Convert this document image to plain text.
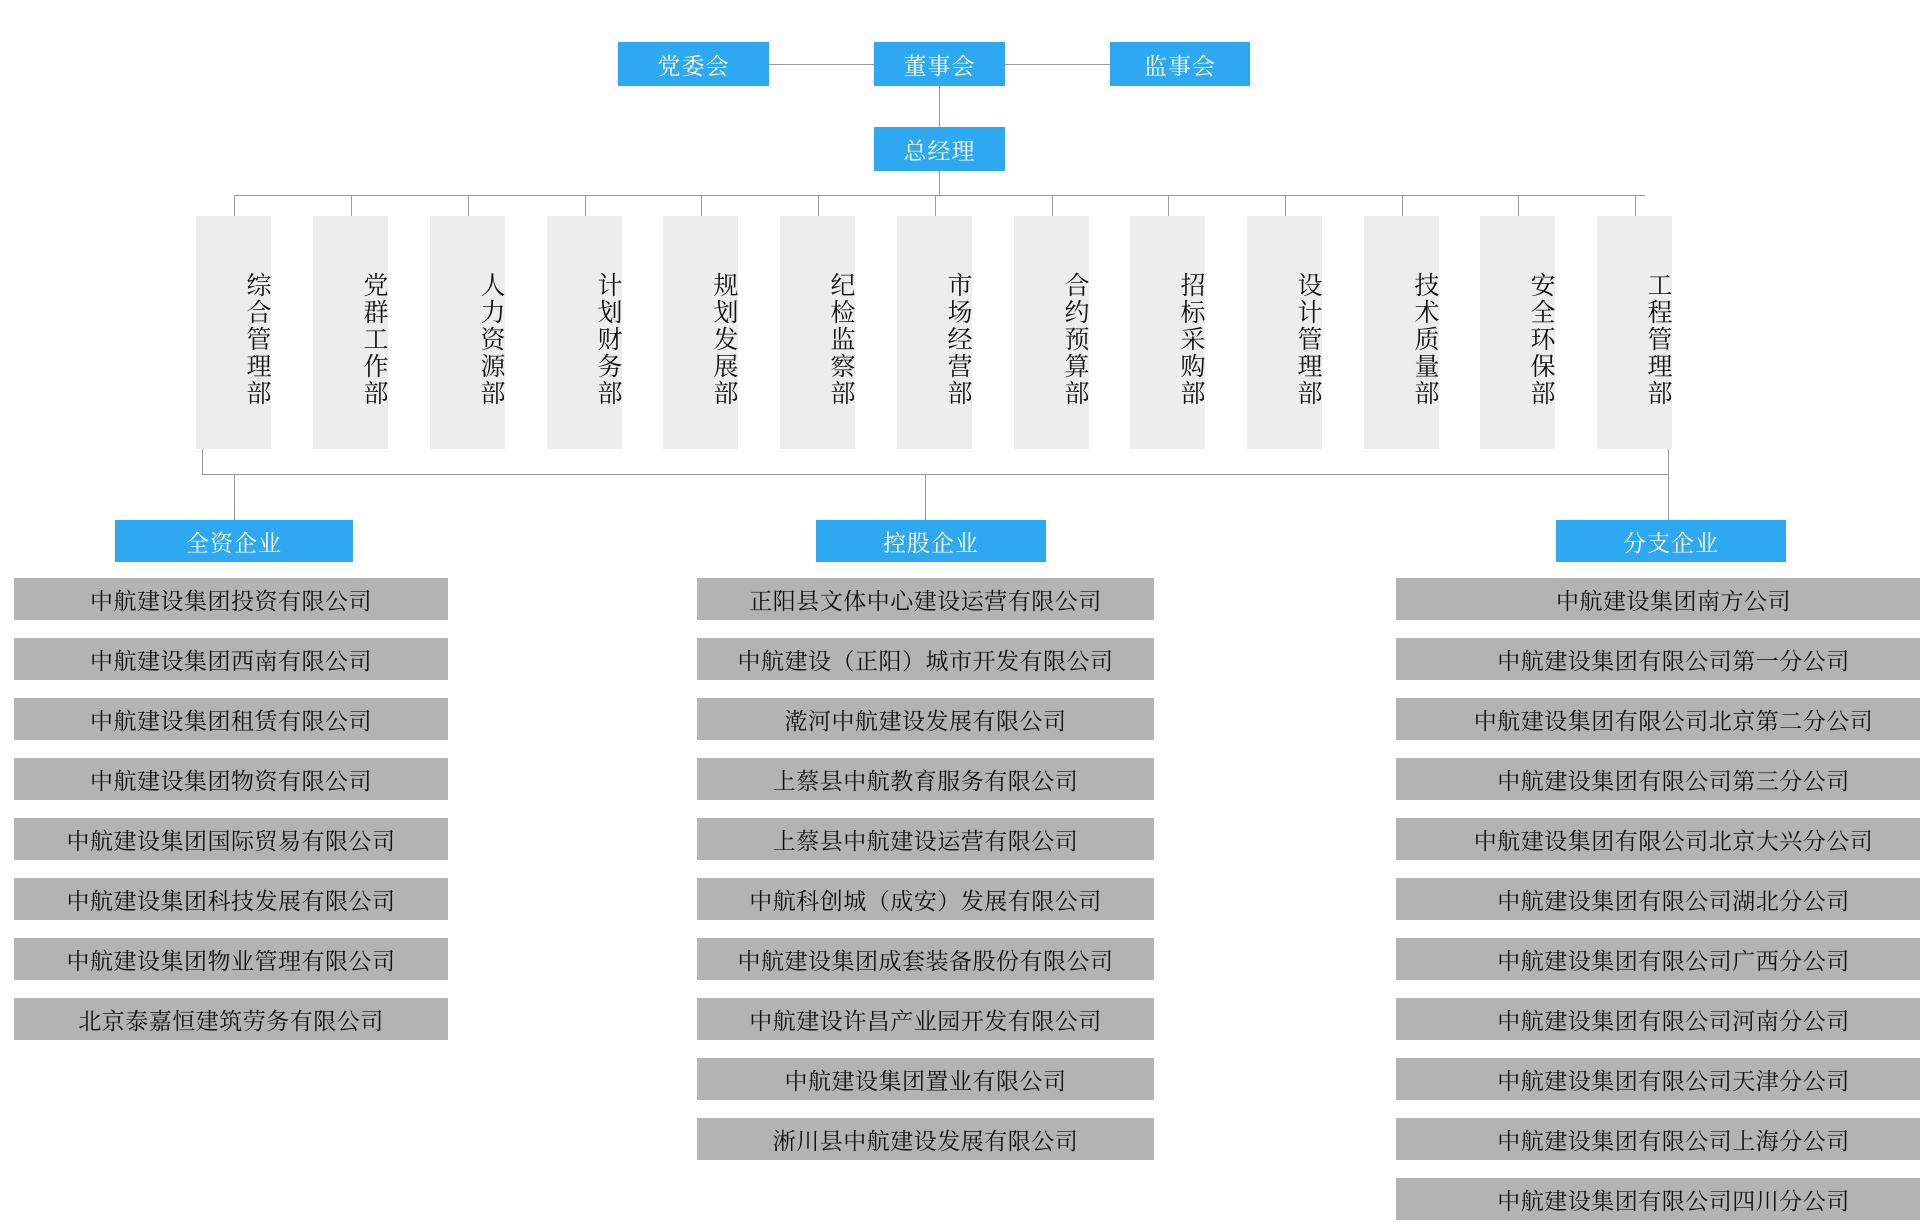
党委会	董事会	监事会
总经理
综合管理部	党群工作部	人力资源部	计划财务部	规划发展部	纪检监察部	市场经营部	合约预算部	招标采购部	设计管理部	技术质量部	安全环保部	工程管理部
全资企业	控股企业	分支企业
中航建设集团投资有限公司
中航建设集团西南有限公司
中航建设集团租赁有限公司
中航建设集团物资有限公司
中航建设集团国际贸易有限公司
中航建设集团科技发展有限公司
中航建设集团物业管理有限公司
北京泰嘉恒建筑劳务有限公司
正阳县文体中心建设运营有限公司
中航建设（正阳）城市开发有限公司
漧河中航建设发展有限公司
上蔡县中航教育服务有限公司
上蔡县中航建设运营有限公司
中航科创城（成安）发展有限公司
中航建设集团成套装备股份有限公司
中航建设许昌产业园开发有限公司
中航建设集团置业有限公司
淅川县中航建设发展有限公司
中航建设集团南方公司
中航建设集团有限公司第一分公司
中航建设集团有限公司北京第二分公司
中航建设集团有限公司第三分公司
中航建设集团有限公司北京大兴分公司
中航建设集团有限公司湖北分公司
中航建设集团有限公司广西分公司
中航建设集团有限公司河南分公司
中航建设集团有限公司天津分公司
中航建设集团有限公司上海分公司
中航建设集团有限公司四川分公司
